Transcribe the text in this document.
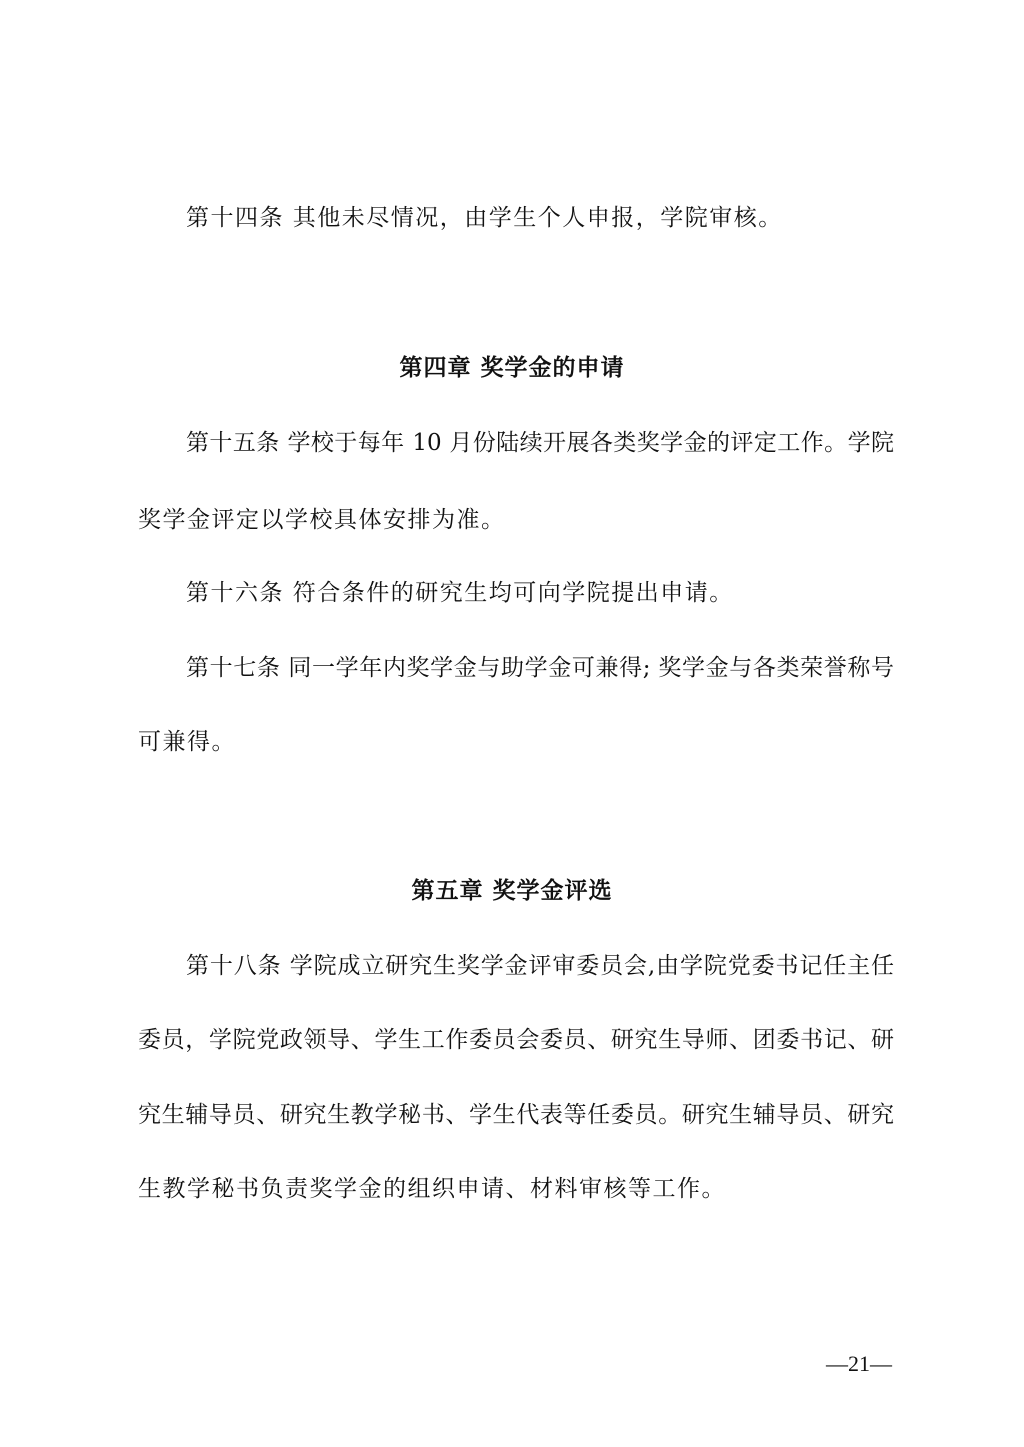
第十四条 其他未尽情况，由学生个人申报，学院审核。
第四章 奖学金的申请
第十五条 学校于每年 10 月份陆续开展各类奖学金的评定工作。学院
奖学金评定以学校具体安排为准。
第十六条 符合条件的研究生均可向学院提出申请。
第十七条 同一学年内奖学金与助学金可兼得; 奖学金与各类荣誉称号
可兼得。
第五章 奖学金评选
第十八条 学院成立研究生奖学金评审委员会,由学院党委书记任主任
委员，学院党政领导、学生工作委员会委员、研究生导师、团委书记、研
究生辅导员、研究生教学秘书、学生代表等任委员。研究生辅导员、研究
生教学秘书负责奖学金的组织申请、材料审核等工作。
—21—
